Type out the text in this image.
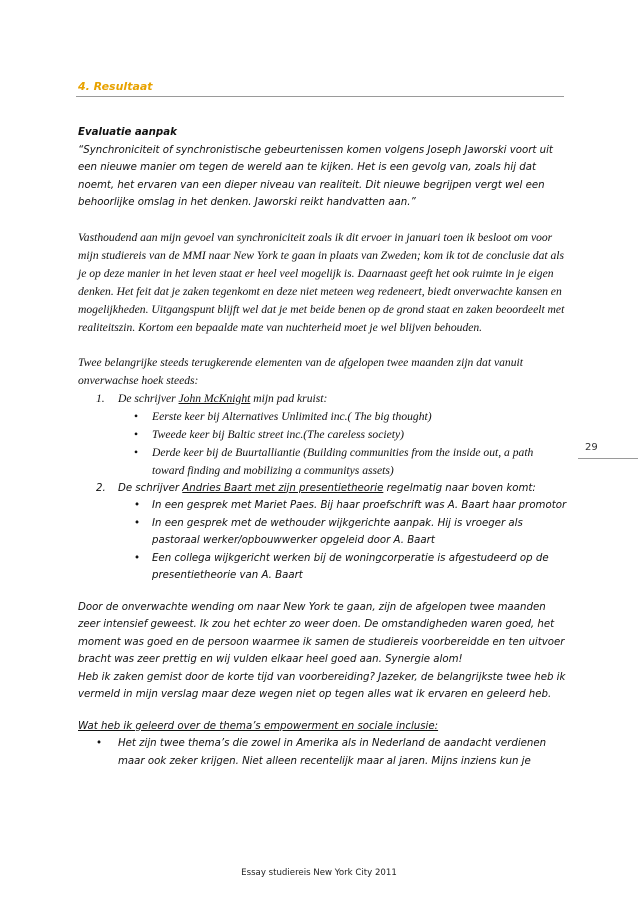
4. Resultaat

Evaluatie aanpak

“Synchroniciteit of synchronistische gebeurtenissen komen volgens Joseph Jaworski voort uit een nieuwe manier om tegen de wereld aan te kijken. Het is een gevolg van, zoals hij dat noemt, het ervaren van een dieper niveau van realiteit. Dit nieuwe begrijpen vergt wel een behoorlijke omslag in het denken. Jaworski reikt handvatten aan.”

Vasthoudend aan mijn gevoel van synchroniciteit zoals ik dit ervoer in januari toen ik besloot om voor mijn studiereis van de MMI naar New York te gaan in plaats van Zweden; kom ik tot de conclusie dat als je op deze manier in het leven staat er heel veel mogelijk is. Daarnaast geeft het ook ruimte in je eigen denken. Het feit dat je zaken tegenkomt en deze niet meteen weg redeneert, biedt onverwachte kansen en mogelijkheden. Uitgangspunt blijft wel dat je met beide benen op de grond staat en zaken beoordeelt met realiteitszin. Kortom een bepaalde mate van nuchterheid moet je wel blijven behouden.

Twee belangrijke steeds terugkerende elementen van de afgelopen twee maanden zijn dat vanuit onverwachse hoek steeds:

1. De schrijver John McKnight mijn pad kruist:
• Eerste keer bij Alternatives Unlimited inc.( The big thought)
• Tweede keer bij Baltic street inc.(The careless society)
• Derde keer bij de Buurtalliantie (Building communities from the inside out, a path toward finding and mobilizing a communitys assets)
2. De schrijver Andries Baart met zijn presentietheorie regelmatig naar boven komt:
• In een gesprek met Mariet Paes. Bij haar proefschrift was A. Baart haar promotor
• In een gesprek met de wethouder wijkgerichte aanpak. Hij is vroeger als pastoraal werker/opbouwwerker opgeleid door A. Baart
• Een collega wijkgericht werken bij de woningcorperatie is afgestudeerd op de presentietheorie van A. Baart

Door de onverwachte wending om naar New York te gaan, zijn de afgelopen twee maanden zeer intensief geweest. Ik zou het echter zo weer doen. De omstandigheden waren goed, het moment was goed en de persoon waarmee ik samen de studiereis voorbereidde en ten uitvoer bracht was zeer prettig en wij vulden elkaar heel goed aan. Synergie alom!

Heb ik zaken gemist door de korte tijd van voorbereiding? Jazeker, de belangrijkste twee heb ik vermeld in mijn verslag maar deze wegen niet op tegen alles wat ik ervaren en geleerd heb.

Wat heb ik geleerd over de thema’s empowerment en sociale inclusie:

• Het zijn twee thema’s die zowel in Amerika als in Nederland de aandacht verdienen maar ook zeker krijgen. Niet alleen recentelijk maar al jaren. Mijns inziens kun je
29
Essay studiereis New York City 2011
